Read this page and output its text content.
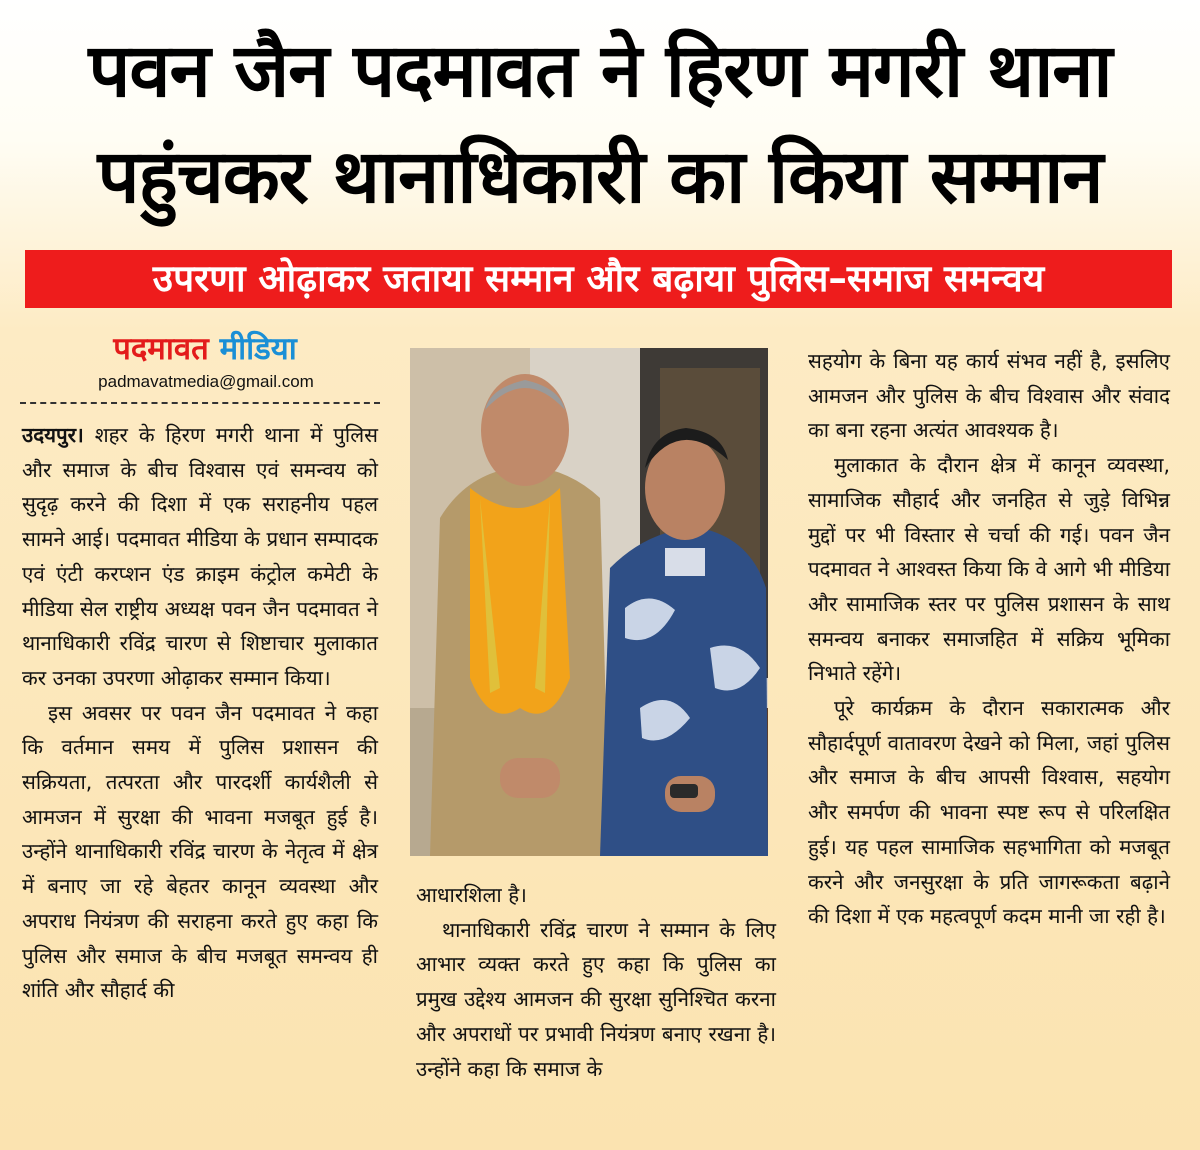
पवन जैन पदमावत ने हिरण मगरी थाना
पहुंचकर थानाधिकारी का किया सम्मान
उपरणा ओढ़ाकर जताया सम्मान और बढ़ाया पुलिस–समाज समन्वय
पदमावत मीडिया
padmavatmedia@gmail.com

उदयपुर। शहर के हिरण मगरी थाना में पुलिस और समाज के बीच विश्वास एवं समन्वय को सुदृढ़ करने की दिशा में एक सराहनीय पहल सामने आई। पदमावत मीडिया के प्रधान सम्पादक एवं एंटी करप्शन एंड क्राइम कंट्रोल कमेटी के मीडिया सेल राष्ट्रीय अध्यक्ष पवन जैन पदमावत ने थानाधिकारी रविंद्र चारण से शिष्टाचार मुलाकात कर उनका उपरणा ओढ़ाकर सम्मान किया।

इस अवसर पर पवन जैन पदमावत ने कहा कि वर्तमान समय में पुलिस प्रशासन की सक्रियता, तत्परता और पारदर्शी कार्यशैली से आमजन में सुरक्षा की भावना मजबूत हुई है। उन्होंने थानाधिकारी रविंद्र चारण के नेतृत्व में क्षेत्र में बनाए जा रहे बेहतर कानून व्यवस्था और अपराध नियंत्रण की सराहना करते हुए कहा कि पुलिस और समाज के बीच मजबूत समन्वय ही शांति और सौहार्द की

आधारशिला है।

थानाधिकारी रविंद्र चारण ने सम्मान के लिए आभार व्यक्त करते हुए कहा कि पुलिस का प्रमुख उद्देश्य आमजन की सुरक्षा सुनिश्चित करना और अपराधों पर प्रभावी नियंत्रण बनाए रखना है। उन्होंने कहा कि समाज के

सहयोग के बिना यह कार्य संभव नहीं है, इसलिए आमजन और पुलिस के बीच विश्वास और संवाद का बना रहना अत्यंत आवश्यक है।

मुलाकात के दौरान क्षेत्र में कानून व्यवस्था, सामाजिक सौहार्द और जनहित से जुड़े विभिन्न मुद्दों पर भी विस्तार से चर्चा की गई। पवन जैन पदमावत ने आश्वस्त किया कि वे आगे भी मीडिया और सामाजिक स्तर पर पुलिस प्रशासन के साथ समन्वय बनाकर समाजहित में सक्रिय भूमिका निभाते रहेंगे।

पूरे कार्यक्रम के दौरान सकारात्मक और सौहार्दपूर्ण वातावरण देखने को मिला, जहां पुलिस और समाज के बीच आपसी विश्वास, सहयोग और समर्पण की भावना स्पष्ट रूप से परिलक्षित हुई। यह पहल सामाजिक सहभागिता को मजबूत करने और जनसुरक्षा के प्रति जागरूकता बढ़ाने की दिशा में एक महत्वपूर्ण कदम मानी जा रही है।
